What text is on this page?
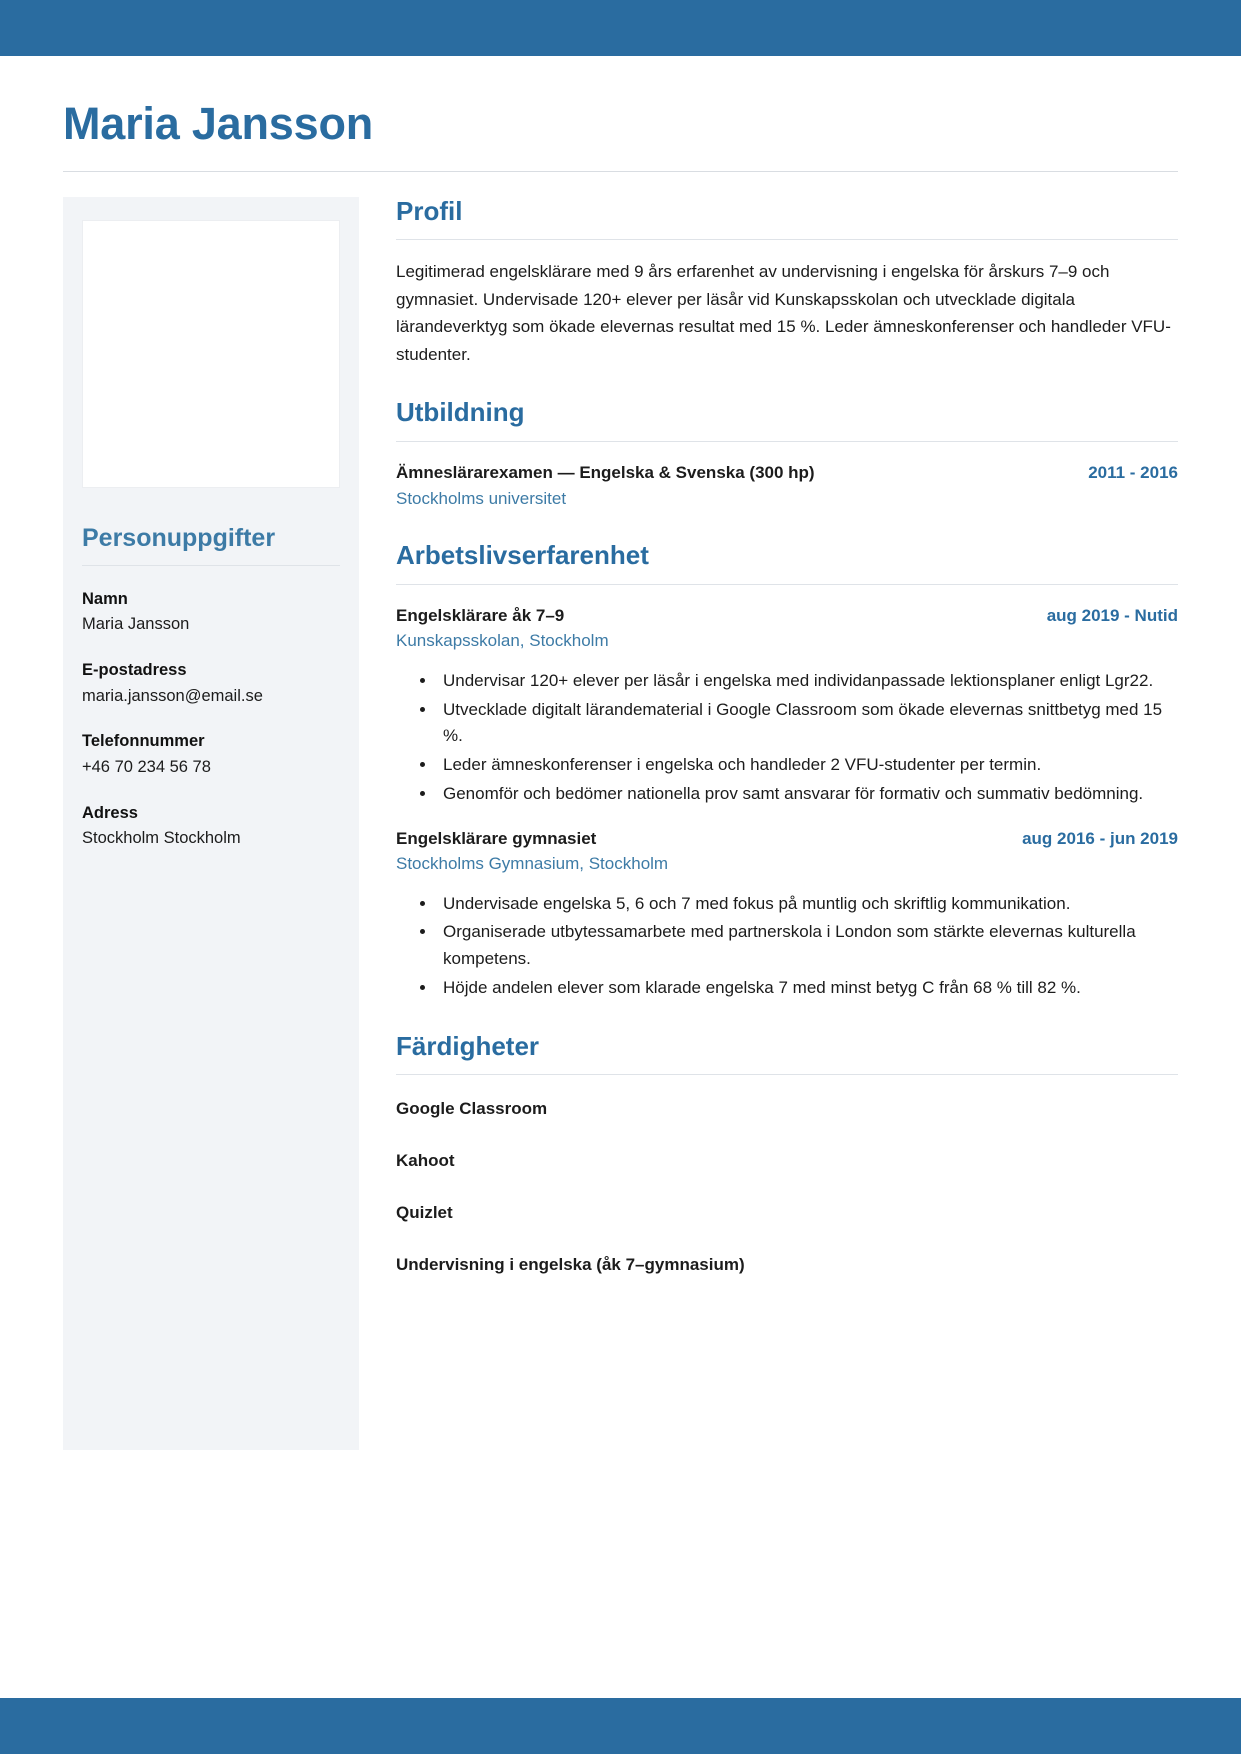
Maria Jansson
Personuppgifter
Namn
Maria Jansson
E-postadress
maria.jansson@email.se
Telefonnummer
+46 70 234 56 78
Adress
Stockholm Stockholm
Profil

Legitimerad engelsklärare med 9 års erfarenhet av undervisning i engelska för årskurs 7–9 och gymnasiet. Undervisade 120+ elever per läsår vid Kunskapsskolan och utvecklade digitala lärandeverktyg som ökade elevernas resultat med 15 %. Leder ämneskonferenser och handleder VFU-studenter.

Utbildning
Ämneslärarexamen — Engelska & Svenska (300 hp)	2011 - 2016
Stockholms universitet
Arbetslivserfarenhet
Engelsklärare åk 7–9	aug 2019 - Nutid
Kunskapsskolan, Stockholm
• Undervisar 120+ elever per läsår i engelska med individanpassade lektionsplaner enligt Lgr22.
• Utvecklade digitalt lärandematerial i Google Classroom som ökade elevernas snittbetyg med 15 %.
• Leder ämneskonferenser i engelska och handleder 2 VFU-studenter per termin.
• Genomför och bedömer nationella prov samt ansvarar för formativ och summativ bedömning.
Engelsklärare gymnasiet	aug 2016 - jun 2019
Stockholms Gymnasium, Stockholm
• Undervisade engelska 5, 6 och 7 med fokus på muntlig och skriftlig kommunikation.
• Organiserade utbytessamarbete med partnerskola i London som stärkte elevernas kulturella kompetens.
• Höjde andelen elever som klarade engelska 7 med minst betyg C från 68 % till 82 %.
Färdigheter
Google Classroom
Kahoot
Quizlet
Undervisning i engelska (åk 7–gymnasium)
